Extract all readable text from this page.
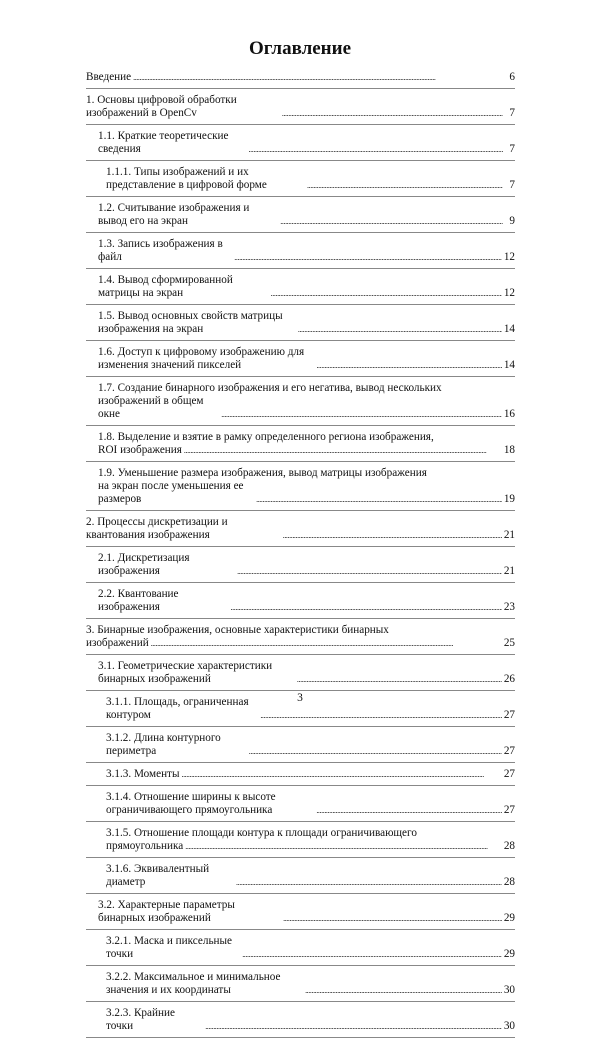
Оглавление
Введение . . .	6
1. Основы цифровой обработки изображений в OpenCv . . .	7
1.1. Краткие теоретические сведения . . .	7
1.1.1. Типы изображений и их представление в цифровой форме . . .	7
1.2. Считывание изображения и вывод его на экран . . .	9
1.3. Запись изображения в файл . . .	12
1.4. Вывод сформированной матрицы на экран . . .	12
1.5. Вывод основных свойств матрицы изображения на экран . . .	14
1.6. Доступ к цифровому изображению для изменения значений пикселей . . .	14
1.7. Создание бинарного изображения и его негатива, вывод нескольких
изображений в общем окне . . .	16
1.8. Выделение и взятие в рамку определенного региона изображения,
ROI изображения . . .	18
1.9. Уменьшение размера изображения, вывод матрицы изображения
на экран после уменьшения ее размеров . . .	19
2. Процессы дискретизации и квантования изображения . . .	21
2.1. Дискретизация изображения . . .	21
2.2. Квантование изображения . . .	23
3. Бинарные изображения, основные характеристики бинарных
изображений . . .	25
3.1. Геометрические характеристики бинарных изображений . . .	26
3.1.1. Площадь, ограниченная контуром . . .	27
3.1.2. Длина контурного периметра . . .	27
3.1.3. Моменты . . .	27
3.1.4. Отношение ширины к высоте ограничивающего прямоугольника . . .	27
3.1.5. Отношение площади контура к площади ограничивающего
прямоугольника . . .	28
3.1.6. Эквивалентный диаметр . . .	28
3.2. Характерные параметры бинарных изображений . . .	29
3.2.1. Маска и пиксельные точки . . .	29
3.2.2. Максимальное и минимальное значения и их координаты . . .	30
3.2.3. Крайние точки . . .	30
3
